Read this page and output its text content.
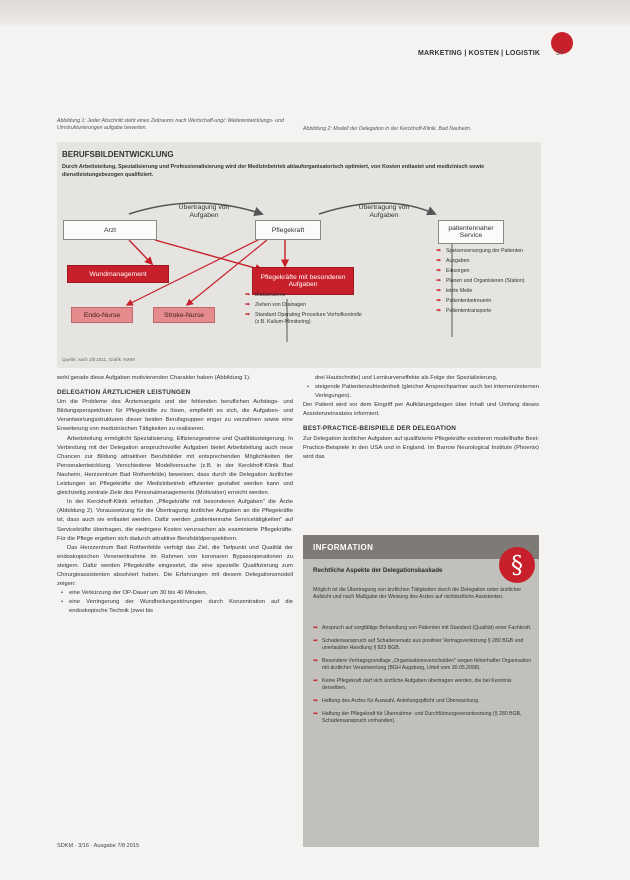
MARKETING | KOSTEN | LOGISTIK 37
Abbildung 1: Jeder Abschnitt steht eines Zeitraums nach Wertschaff-ung/: Weiterentwicklungs- und Umstrukturierungen aufgabe bewerten.	Abbildung 2: Modell der Delegation in der Kerckhoff-Klinik, Bad Nauheim.
BERUFSBILDENTWICKLUNG
Durch Arbeitsteilung, Spezialisierung und Professionalisierung wird der Medizinbetrieb ablauforganisatorisch optimiert, von Kosten entlastet und medizinisch sowie dienstleistungsbezogen qualifiziert.
Übertragung von Aufgaben
Übertragung von Aufgaben
Arzt	Pflegekraft	patientennaher Service
Wundmanagement	Pflegekräfte mit besonderen Aufgaben
Endo-Nurse	Stroke-Nurse
➡ Blutabnahme
➡ Ziehen von Drainagen
➡ Standard Operating Procedure Vorhofkontrolle (z.B. Kalium-Monitoring)
➡ Speisenversorgung der Patienten
➡ Ausgaben
➡ Einsorgen
➡ Planen und Organisieren (Station)
➡ letzte Meile
➡ Patientenbetreuerin
➡ Patiententransporte
Quelle: nach Zill 2011, Grafik: KWM

wohl gerade diese Aufgaben motivierenden Charakter haben (Abbildung 1).

DELEGATION ÄRZTLICHER LEISTUNGEN

Um die Probleme des Ärztemangels und der fehlenden beruflichen Aufstiegs- und Bildungsperspektiven für Pflegekräfte zu lösen, empfiehlt es sich, die Aufgaben- und Verantwortungsstrukturen dieser beiden Berufsgruppen enger zu verzahnen sowie eine Erweiterung von medizinischen Tätigkeiten zu realisieren.

Arbeitsteilung ermöglicht Spezialisierung, Effizienzgewinne und Qualitätssteigerung. In Verbindung mit der Delegation anspruchsvoller Aufgaben bietet Arbeitsteilung auch neue Chancen zur Bildung attraktiver Berufsbilder mit entsprechenden Möglichkeiten der Personalentwicklung. Verschiedene Modellversuche (z.B. in der Kerckhoff-Klinik Bad Nauheim, Herzzentrum Bad Rothenfelde) beweisen, dass durch die Delegation ärztlicher Leistungen an Pflegekräfte der Medizinbetrieb effizienter gestaltet werden kann und gleichzeitig zentrale Ziele des Personalmanagements (Motivation) erreicht werden.

In der Kerckhoff-Klinik erhielten „Pflegekräfte mit besonderen Aufgaben" die Ärzte (Abbildung 2). Voraussetzung für die Übertragung ärztlicher Aufgaben an die Pflegekräfte ist, dass auch sie entlastet werden. Dafür werden „patientennahe Servicetätigkeiten" auf Servicekräfte übertragen, die niedrigere Kosten verursachen als examinierte Pflegekräfte. Für die Pflege ergeben sich dadurch attraktive Berufsbildperspektiven.

Das Herzzentrum Bad Rothenfelde verfolgt das Ziel, die Tiefpunkt und Qualität der endoskopischen Venenentnahme im Rahmen von koronaren Bypassoperationen zu steigern. Dafür werden Pflegekräfte eingesetzt, die eine spezielle Qualifizierung zum Chirurgieassistenten absolviert haben. Die Erfahrungen mit diesem Delegationsmodell zeigen:

• eine Verkürzung der OP-Dauer um 30 bis 40 Minuten,
• eine Verringerung der Wundheilungsstörungen durch Konzentration auf die endoskopische Technik (zwei bis

drei Hautschnitte) und Lernkurveneffekte als Folge der Spezialisierung,

• steigende Patientenzufriedenheit (gleicher Ansprechpartner auch bei internen/externen Verlegungen).

Der Patient wird vor dem Eingriff per Aufklärungsbogen über Inhalt und Umfang dieses Assistenzeinsatzes informiert.

BEST-PRACTICE-BEISPIELE DER DELEGATION

Zur Delegation ärztlicher Aufgaben auf qualifizierte Pflegekräfte existieren modellhafte Best-Practice-Beispiele in den USA und in England. Im Barrow Neurological Institute (Phoenix) wird das

INFORMATION
§
Rechtliche Aspekte der Delegationskaskade
Möglich ist die Übertragung von ärztlichen Tätigkeiten durch die Delegation unter ärztlicher Aufsicht und nach Maßgabe der Weisung des Arztes auf nichtärztliche Assistenten.
➡ Anspruch auf sorgfältige Behandlung von Patienten mit Standard (Qualität) einer Fachkraft.
➡ Schadensanspruch auf Schadenersatz aus positiver Vertragsverletzung § 280 BGB und unerlaubter Handlung § 823 BGB.
➡ Besondere Vertragsgrundlage „Organisationsverschulden" wegen fehlerhafter Organisation mit ärztlicher Verantwortung (BGH Augsburg, Urteil vom 30.05.2008).
➡ Keine Pflegekraft darf sich ärztliche Aufgaben übertragen werden, die bei Kenntnis derselben.
➡ Haftung des Arztes für Auswahl, Anleitungspflicht und Überwachung.
➡ Haftung der Pflegekraft für Übernahme- und Durchführungsverantwortung (§ 280 BGB, Schadensanspruch vorhanden).
SDKM · 3/16 · Ausgabe 7/8 2015
